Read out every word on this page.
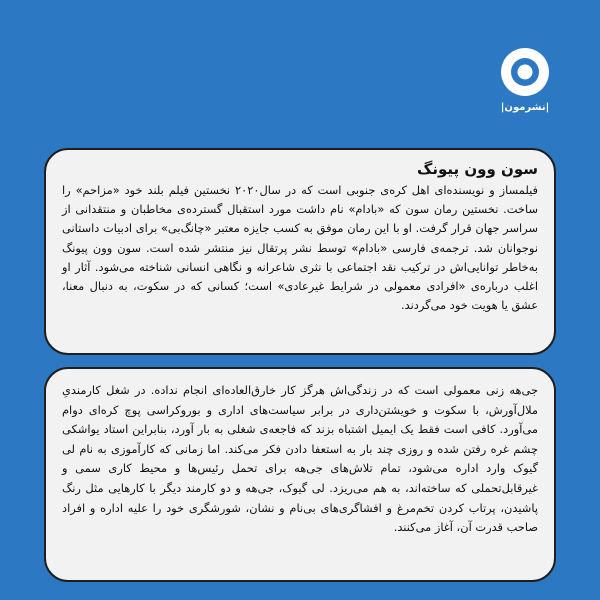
|نشرمون|
سون وون پیونگ

فیلمساز و نویسنده‌ای اهل کره‌ی جنوبی است که در سال۲۰۲۰ نخستین فیلم بلند خود «مزاحم» را ساخت. نخستین رمان سون که «بادام» نام داشت مورد استقبال گسترده‌ی مخاطبان و منتقدانی از سراسر جهان قرار گرفت. او با این رمان موفق به کسب جایزه معتبر «چانگ‌بی» برای ادبیات داستانی نوجوانان شد. ترجمه‌ی فارسی «بادام» توسط نشر پرتقال نیز منتشر شده است. سون وون پیونگ به‌خاطر توانایی‌اش در ترکیب نقد اجتماعی با نثری شاعرانه و نگاهی انسانی شناخته می‌شود. آثار او اغلب درباره‌ی «افرادی معمولی در شرایط غیرعادی» است؛ کسانی که در سکوت، به دنبال معنا، عشق یا هویت خود می‌گردند.

جی‌هه زنی معمولی است که در زندگی‌اش هرگز کار خارق‌العاده‌ای انجام نداده. در شغل کارمندیِ ملال‌آورش، با سکوت و خویشتن‌داری در برابر سیاست‌های اداری و بوروکراسی پوچ کره‌ای دوام می‌آورد. کافی است فقط یک ایمیل اشتباه بزند که فاجعه‌ی شغلی به بار آورد، بنابراین استاد یواشکی چشم غره رفتن شده و روزی چند بار به استعفا دادن فکر می‌کند. اما زمانی که کارآموزی به نام لی گیوک وارد اداره می‌شود، تمام تلاش‌های جی‌هه برای تحمل رئیس‌ها و محیط کاری سمی و غیرقابل‌تحملی که ساخته‌اند، به هم می‌ریزد. لی گیوک، جی‌هه و دو کارمند دیگر با کارهایی مثل رنگ پاشیدن، پرتاب کردن تخم‌مرغ و افشاگری‌های بی‌نام و نشان، شورشگری خود را علیه اداره و افراد صاحب قدرت آن، آغاز می‌کنند.
